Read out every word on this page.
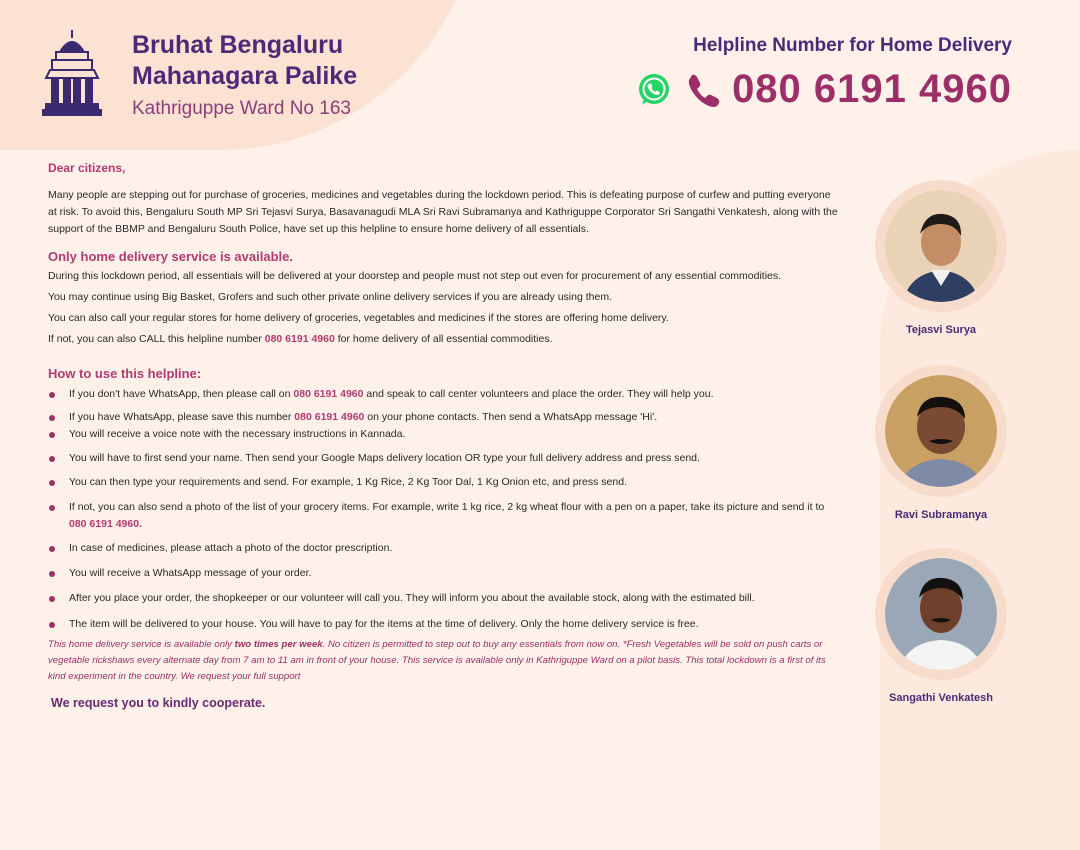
Bruhat Bengaluru
Mahanagara Palike
Kathriguppe Ward No 163
Helpline Number for Home Delivery
080 6191 4960

Dear citizens,

Many people are stepping out for purchase of groceries, medicines and vegetables during the lockdown period. This is defeating purpose of curfew and putting everyone at risk. To avoid this, Bengaluru South MP Sri Tejasvi Surya, Basavanagudi MLA Sri Ravi Subramanya and Kathriguppe Corporator Sri Sangathi Venkatesh, along with the support of the BBMP and Bengaluru South Police, have set up this helpline to ensure home delivery of all essentials.

Only home delivery service is available.

During this lockdown period, all essentials will be delivered at your doorstep and people must not step out even for procurement of any essential commodities.

You may continue using Big Basket, Grofers and such other private online delivery services if you are already using them.

You can also call your regular stores for home delivery of groceries, vegetables and medicines if the stores are offering home delivery.

If not, you can also CALL this helpline number 080 6191 4960 for home delivery of all essential commodities.

How to use this helpline:

If you don't have WhatsApp, then please call on 080 6191 4960 and speak to call center volunteers and place the order. They will help you.
If you have WhatsApp, please save this number 080 6191 4960 on your phone contacts. Then send a WhatsApp message 'Hi'.
You will receive a voice note with the necessary instructions in Kannada.
You will have to first send your name. Then send your Google Maps delivery location OR type your full delivery address and press send.
You can then type your requirements and send. For example, 1 Kg Rice, 2 Kg Toor Dal, 1 Kg Onion etc, and press send.
If not, you can also send a photo of the list of your grocery items. For example, write 1 kg rice, 2 kg wheat flour with a pen on a paper, take its picture and send it to 080 6191 4960.
In case of medicines, please attach a photo of the doctor prescription.
You will receive a WhatsApp message of your order.
After you place your order, the shopkeeper or our volunteer will call you. They will inform you about the available stock, along with the estimated bill.
The item will be delivered to your house. You will have to pay for the items at the time of delivery. Only the home delivery service is free.

This home delivery service is available only two times per week. No citizen is permitted to step out to buy any essentials from now on. *Fresh Vegetables will be sold on push carts or vegetable rickshaws every alternate day from 7 am to 11 am in front of your house. This service is available only in Kathriguppe Ward on a pilot basis. This total lockdown is a first of its kind experiment in the country. We request your full support

We request you to kindly cooperate.

Tejasvi Surya
Ravi Subramanya
Sangathi Venkatesh
